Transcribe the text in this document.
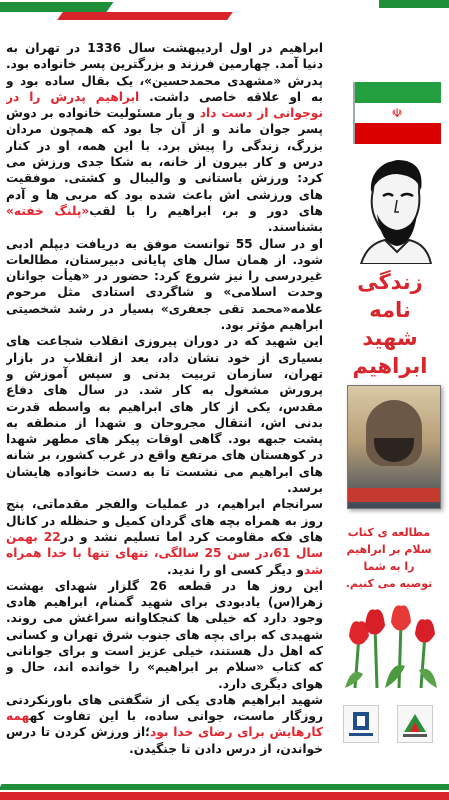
ابراهیم در اول اردیبهشت سال 1336 در تهران به دنیا آمد. چهارمین فرزند و بزرگترین پسر خانواده بود. پدرش «مشهدی محمدحسین»، یک بقال ساده بود و به او علاقه خاصی داشت. ابراهیم پدرش را در نوجوانی از دست داد و بار مسئولیت خانواده بر دوش پسر جوان ماند و از آن جا بود که همچون مردان بزرگ، زندگی را پیش برد. با این همه، او در کنار درس و کار بیرون از خانه، به شکا جدی ورزش می کرد: ورزش باستانی و والیبال و کشتی. موفقیت های ورزشی اش باعث شده بود که مربی ها و آدم های دور و بر، ابراهیم را با لقب«پلنگ خفته» بشناسند.

او در سال 55 توانست موفق به دریافت دیپلم ادبی شود. از همان سال های پایانی دبیرستان، مطالعات غیردرسی را نیز شروع کرد: حضور در «هیأت جوانان وحدت اسلامی» و شاگردی استادی مثل مرحوم علامه«محمد تقی جعفری» بسیار در رشد شخصیتی ابراهیم مؤثر بود.

این شهید که در دوران پیروزی انقلاب شجاعت های بسیاری از خود نشان داد، بعد از انقلاب در بازار تهران، سازمان تربیت بدنی و سپس آموزش و پرورش مشغول به کار شد. در سال های دفاع مقدس، یکی از کار های ابراهیم به واسطه قدرت بدنی اش، انتقال مجروحان و شهدا از منطقه به پشت جبهه بود. گاهی اوقات پیکر های مطهر شهدا در کوهستان های مرتفع واقع در غرب کشور، بر شانه های ابراهیم می نشست تا به دست خانواده هایشان برسد.

سرانجام ابراهیم، در عملیات والفجر مقدماتی، پنج روز به همراه بچه های گردان کمیل و حنظله در کانال های فکه مقاومت کرد اما تسلیم نشد و در22 بهمن سال 61،در سن 25 سالگی، تنهای تنها با خدا همراه شدو دیگر کسی او را ندید.

این روز ها در قطعه 26 گلزار شهدای بهشت زهرا(س) یادبودی برای شهید گمنام، ابراهیم هادی وجود دارد که خیلی ها کنجکاوانه سراغش می روند. شهیدی که برای بچه های جنوب شرق تهران و کسانی که اهل دل هستند، خیلی عزیز است و برای جوانانی که کتاب «سلام بر ابراهیم» را خوانده اند، حال و هوای دیگری دارد.

شهید ابراهیم هادی یکی از شگفتی های باورنکردنی روزگار ماست، جوانی ساده، با این تفاوت کههمه کارهایش برای رضای خدا بود؛از ورزش کردن تا درس خواندن، از درس دادن تا جنگیدن.

☫
زندگی نامه
شهید
ابراهیم
مطالعه ی کتاب
سلام بر ابراهیم
را به شما
توصیه می کنیم.
